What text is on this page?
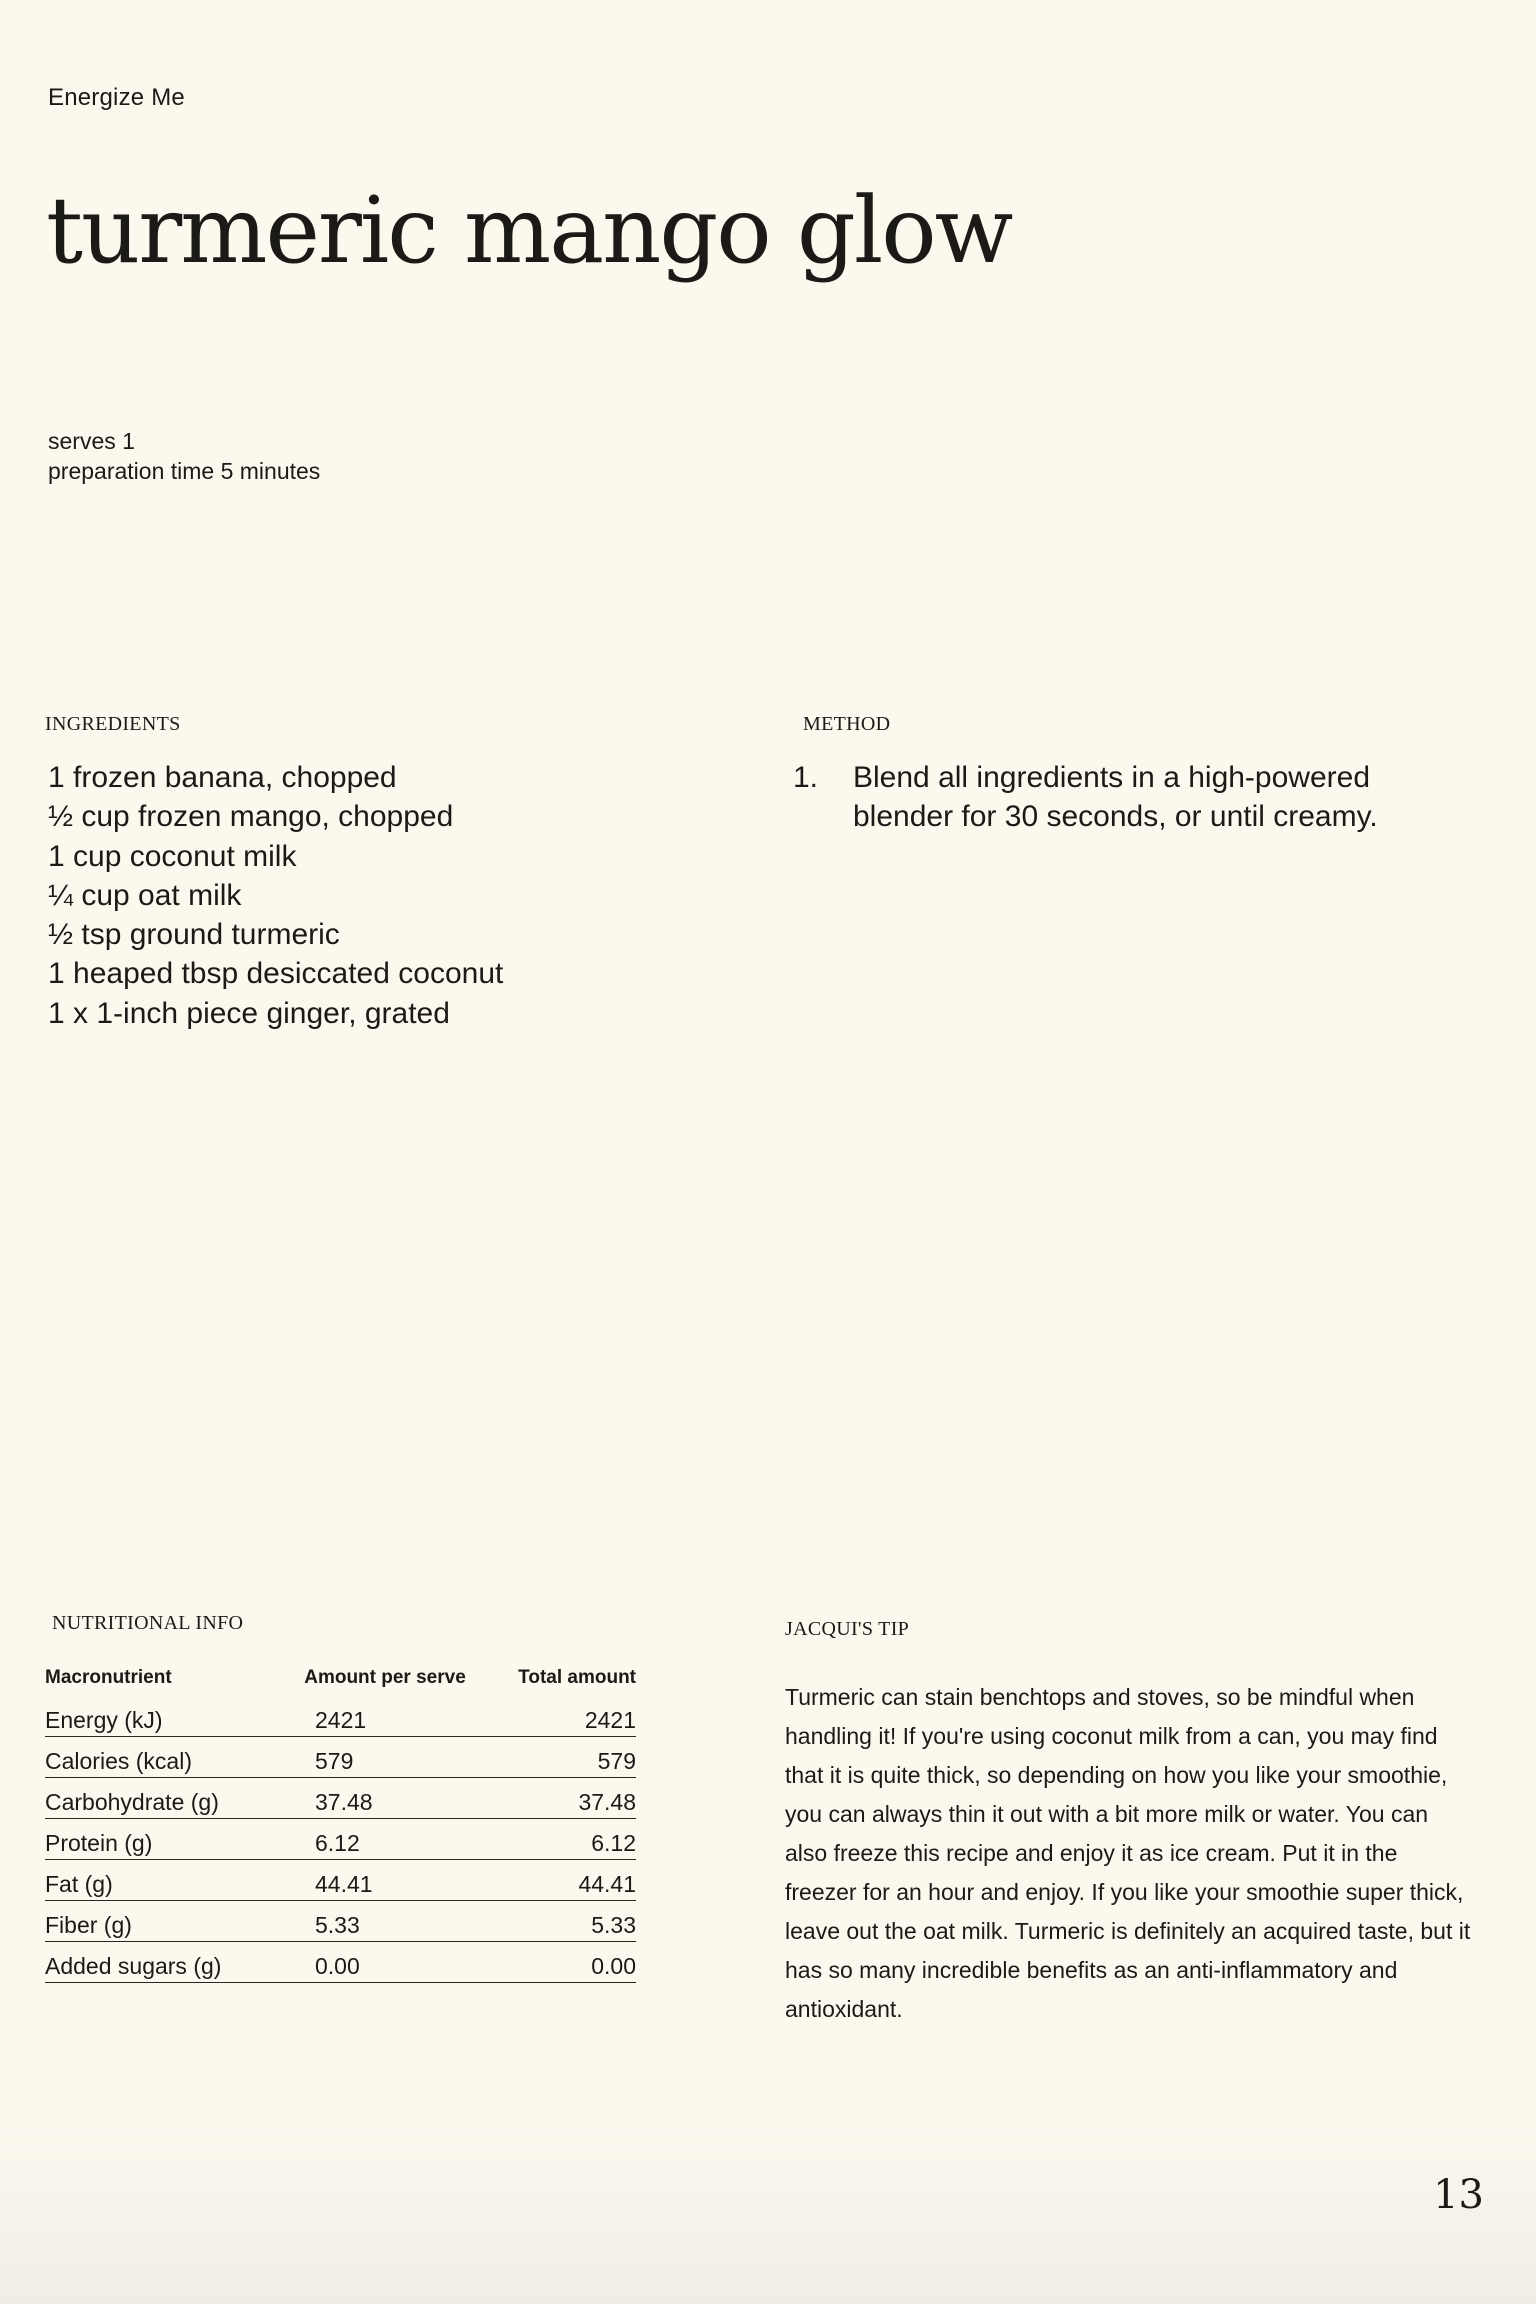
Energize Me
turmeric mango glow
serves 1
preparation time 5 minutes
INGREDIENTS
1 frozen banana, chopped
½ cup frozen mango, chopped
1 cup coconut milk
¼ cup oat milk
½ tsp ground turmeric
1 heaped tbsp desiccated coconut
1 x 1-inch piece ginger, grated
METHOD
1.	Blend all ingredients in a high-powered blender for 30 seconds, or until creamy.
NUTRITIONAL INFO
Macronutrient	Amount per serve	Total amount
Energy (kJ)	2421	2421
Calories (kcal)	579	579
Carbohydrate (g)	37.48	37.48
Protein (g)	6.12	6.12
Fat (g)	44.41	44.41
Fiber (g)	5.33	5.33
Added sugars (g)	0.00	0.00
JACQUI'S TIP

Turmeric can stain benchtops and stoves, so be mindful when handling it! If you're using coconut milk from a can, you may find that it is quite thick, so depending on how you like your smoothie, you can always thin it out with a bit more milk or water. You can also freeze this recipe and enjoy it as ice cream. Put it in the freezer for an hour and enjoy. If you like your smoothie super thick, leave out the oat milk. Turmeric is definitely an acquired taste, but it has so many incredible benefits as an anti-inflammatory and antioxidant.

13
